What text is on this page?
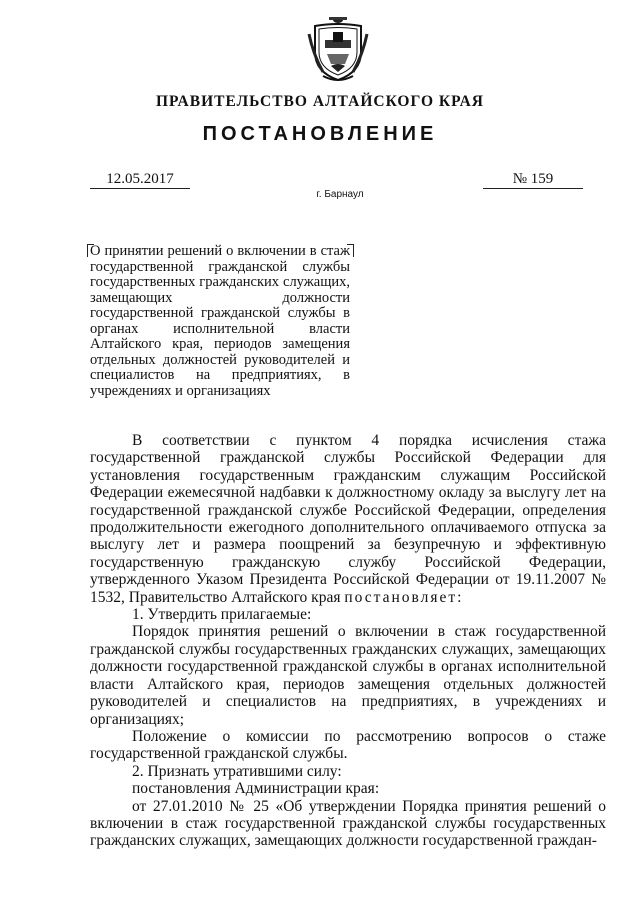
ПРАВИТЕЛЬСТВО АЛТАЙСКОГО КРАЯ
ПОСТАНОВЛЕНИЕ
12.05.2017	№ 159
г. Барнаул
О принятии решений о включении в стаж государственной гражданской службы государственных гражданских служащих, замещающих должности государственной гражданской службы в органах исполнительной власти Алтайского края, периодов замещения отдельных должностей руководителей и специалистов на предприятиях, в учреждениях и организациях

В соответствии с пунктом 4 порядка исчисления стажа государственной гражданской службы Российской Федерации для установления государственным гражданским служащим Российской Федерации ежемесячной надбавки к должностному окладу за выслугу лет на государственной гражданской службе Российской Федерации, определения продолжительности ежегодного дополнительного оплачиваемого отпуска за выслугу лет и размера поощрений за безупречную и эффективную государственную гражданскую службу Российской Федерации, утвержденного Указом Президента Российской Федерации от 19.11.2007 № 1532, Правительство Алтайского края постановляет:

1. Утвердить прилагаемые:

Порядок принятия решений о включении в стаж государственной гражданской службы государственных гражданских служащих, замещающих должности государственной гражданской службы в органах исполнительной власти Алтайского края, периодов замещения отдельных должностей руководителей и специалистов на предприятиях, в учреждениях и организациях;

Положение о комиссии по рассмотрению вопросов о стаже государственной гражданской службы.

2. Признать утратившими силу:

постановления Администрации края:

от 27.01.2010 № 25 «Об утверждении Порядка принятия решений о включении в стаж государственной гражданской службы государственных гражданских служащих, замещающих должности государственной граждан-
